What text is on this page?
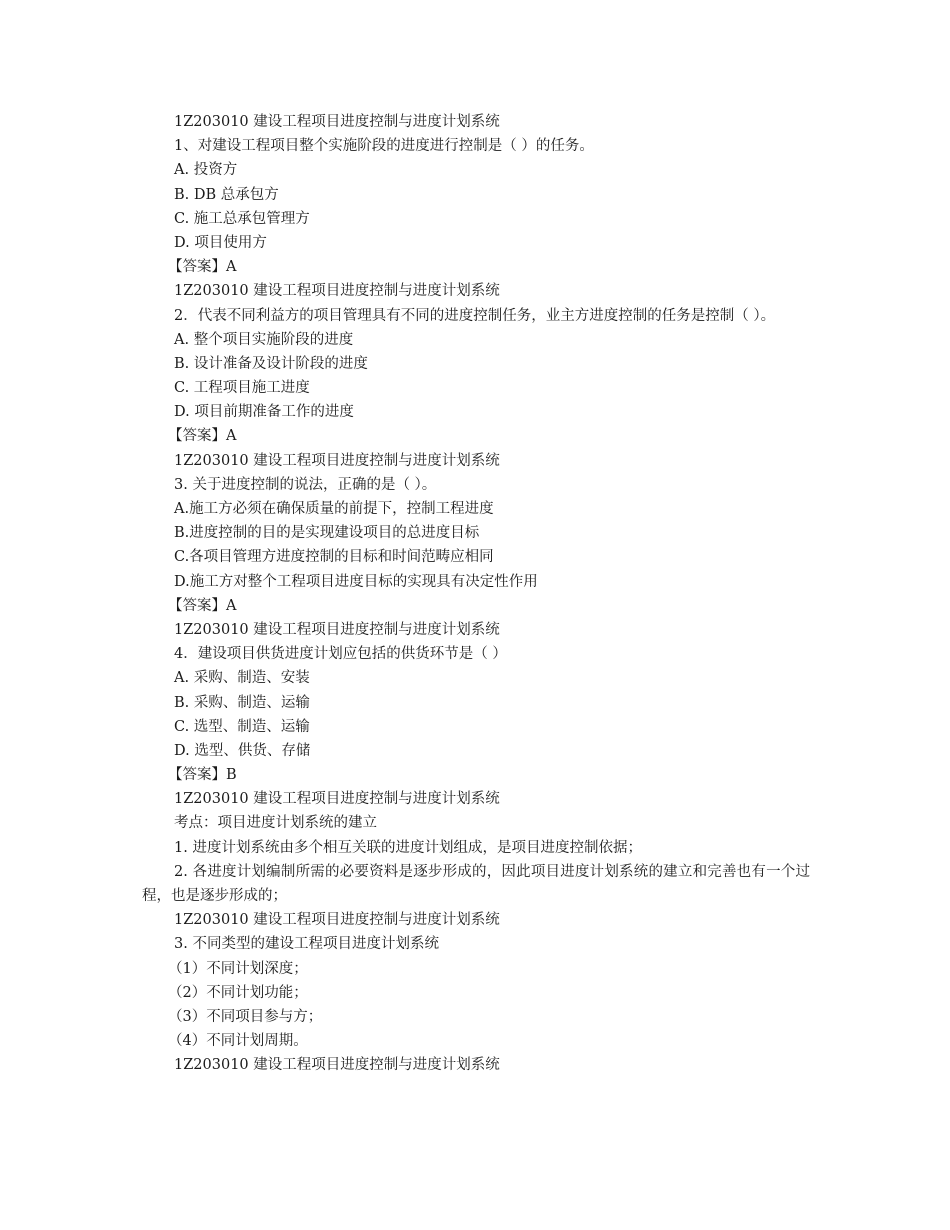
1Z203010 建设工程项目进度控制与进度计划系统
1、对建设工程项目整个实施阶段的进度进行控制是（ ）的任务。
A. 投资方
B. DB 总承包方
C. 施工总承包管理方
D. 项目使用方
【答案】A
1Z203010 建设工程项目进度控制与进度计划系统
2．代表不同利益方的项目管理具有不同的进度控制任务，业主方进度控制的任务是控制（ ）。
A. 整个项目实施阶段的进度
B. 设计准备及设计阶段的进度
C. 工程项目施工进度
D. 项目前期准备工作的进度
【答案】A
1Z203010 建设工程项目进度控制与进度计划系统
3. 关于进度控制的说法，正确的是（ ）。
A.施工方必须在确保质量的前提下，控制工程进度
B.进度控制的目的是实现建设项目的总进度目标
C.各项目管理方进度控制的目标和时间范畴应相同
D.施工方对整个工程项目进度目标的实现具有决定性作用
【答案】A
1Z203010 建设工程项目进度控制与进度计划系统
4．建设项目供货进度计划应包括的供货环节是（ ）
A. 采购、制造、安装
B. 采购、制造、运输
C. 选型、制造、运输
D. 选型、供货、存储
【答案】B
1Z203010 建设工程项目进度控制与进度计划系统
考点：项目进度计划系统的建立
1. 进度计划系统由多个相互关联的进度计划组成，是项目进度控制依据；
2. 各进度计划编制所需的必要资料是逐步形成的，因此项目进度计划系统的建立和完善也有一个过程，也是逐步形成的；
1Z203010 建设工程项目进度控制与进度计划系统
3. 不同类型的建设工程项目进度计划系统
（1）不同计划深度；
（2）不同计划功能；
（3）不同项目参与方；
（4）不同计划周期。
1Z203010 建设工程项目进度控制与进度计划系统
